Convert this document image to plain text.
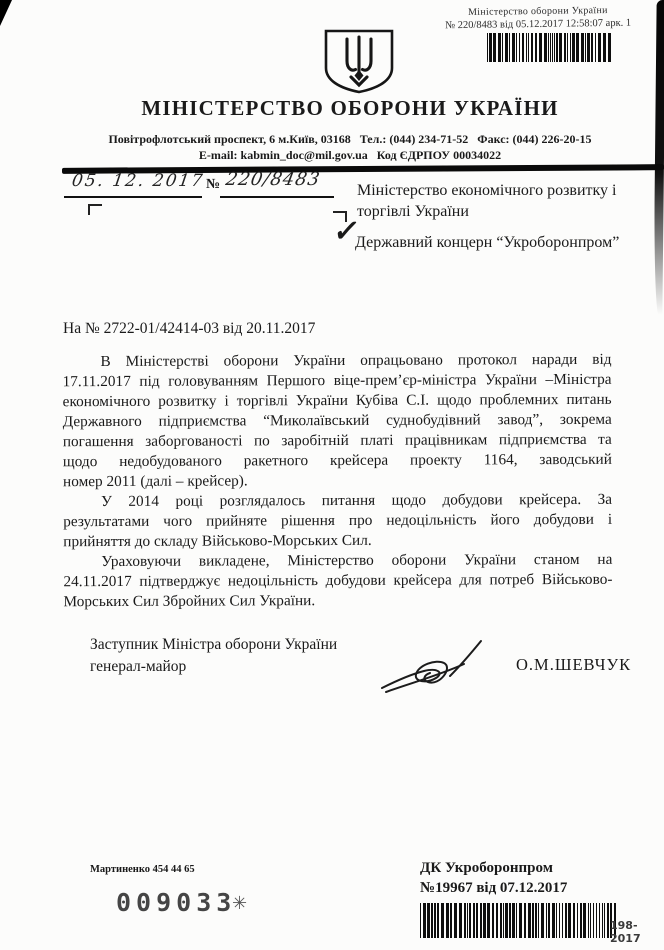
Міністерство оборони України
№ 220/8483 від 05.12.2017 12:58:07 арк. 1
МІНІСТЕРСТВО ОБОРОНИ УКРАЇНИ
Повітрофлотський проспект, 6 м.Київ, 03168   Тел.: (044) 234-71-52   Факс: (044) 226-20-15
E-mail: kabmin_doc@mil.gov.ua   Код ЄДРПОУ 00034022
05. 12. 2017 № 220/8483
Міністерство економічного розвитку і торгівлі України
✓
Державний концерн “Укроборонпром”
На № 2722-01/42414-03 від 20.11.2017
В Міністерстві оборони України опрацьовано протокол наради від
17.11.2017 під головуванням Першого віце-прем’єр-міністра України –Міністра
економічного розвитку і торгівлі України Кубіва С.І. щодо проблемних питань
Державного підприємства “Миколаївський суднобудівний завод”, зокрема
погашення заборгованості по заробітній платі працівникам підприємства та
щодо недобудованого ракетного крейсера проекту 1164, заводський
номер 2011 (далі – крейсер).
У 2014 році розглядалось питання щодо добудови крейсера. За
результатами чого прийняте рішення про недоцільність його добудови і
прийняття до складу Військово-Морських Сил.
Ураховуючи викладене, Міністерство оборони України станом на
24.11.2017 підтверджує недоцільність добудови крейсера для потреб Військово-
Морських Сил Збройних Сил України.
Заступник Міністра оборони України
генерал-майор	О.М.ШЕВЧУК
Мартиненко 454 44 65
009033
✳
ДК Укроборонпром
№19967 від 07.12.2017
198-2017
